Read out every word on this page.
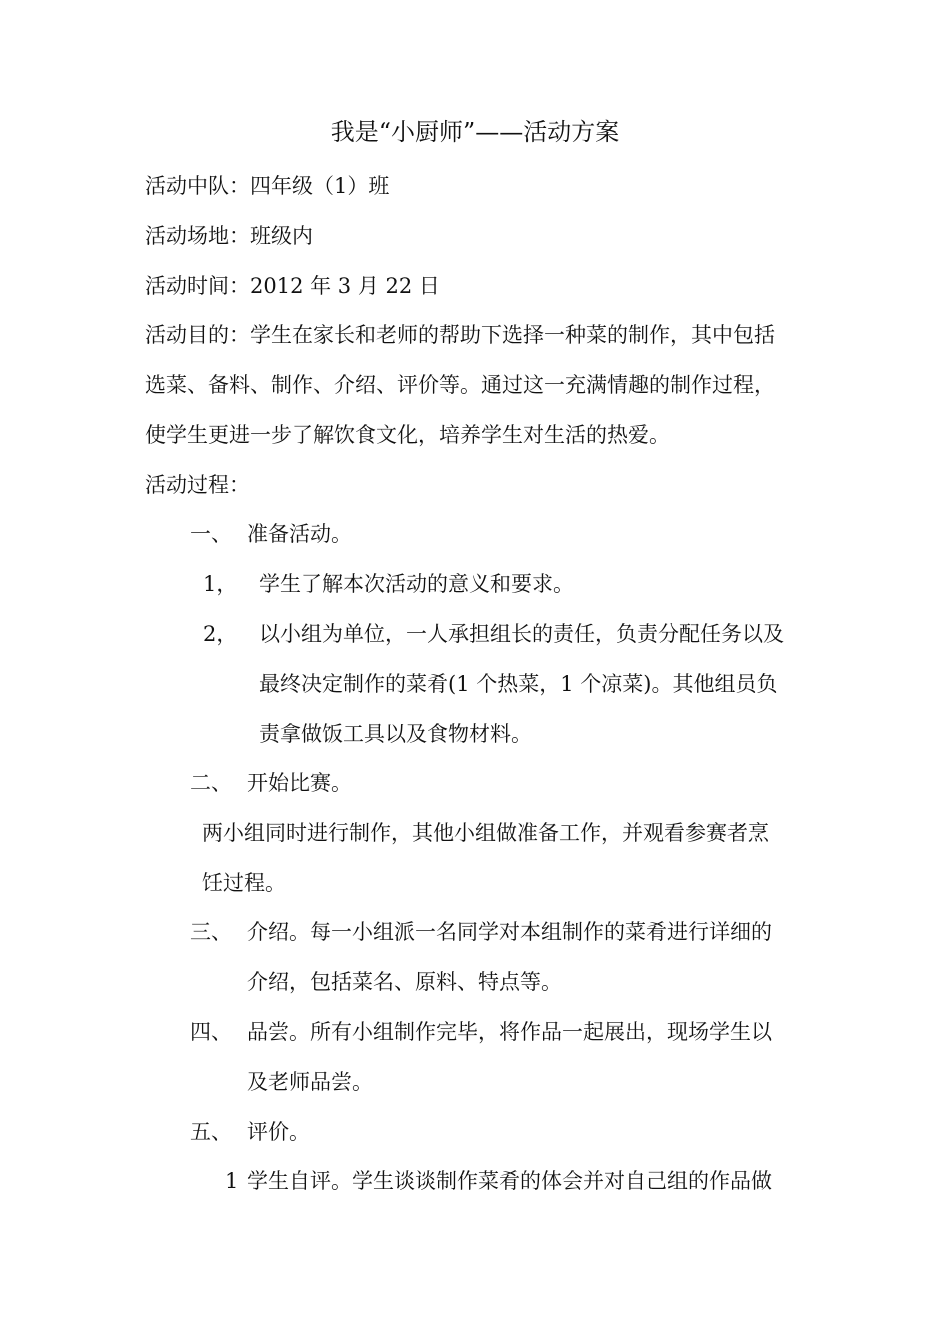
我是“小厨师”——活动方案
活动中队：四年级（1）班
活动场地：班级内
活动时间：2012 年 3 月 22 日
活动目的：学生在家长和老师的帮助下选择一种菜的制作，其中包括
选菜、备料、制作、介绍、评价等。通过这一充满情趣的制作过程，
使学生更进一步了解饮食文化，培养学生对生活的热爱。
活动过程：
一、 准备活动。
1， 学生了解本次活动的意义和要求。
2， 以小组为单位，一人承担组长的责任，负责分配任务以及
最终决定制作的菜肴(1 个热菜，1 个凉菜)。其他组员负
责拿做饭工具以及食物材料。
二、 开始比赛。
两小组同时进行制作，其他小组做准备工作，并观看参赛者烹
饪过程。
三、 介绍。每一小组派一名同学对本组制作的菜肴进行详细的
介绍，包括菜名、原料、特点等。
四、 品尝。所有小组制作完毕，将作品一起展出，现场学生以
及老师品尝。
五、 评价。
1 学生自评。学生谈谈制作菜肴的体会并对自己组的作品做
